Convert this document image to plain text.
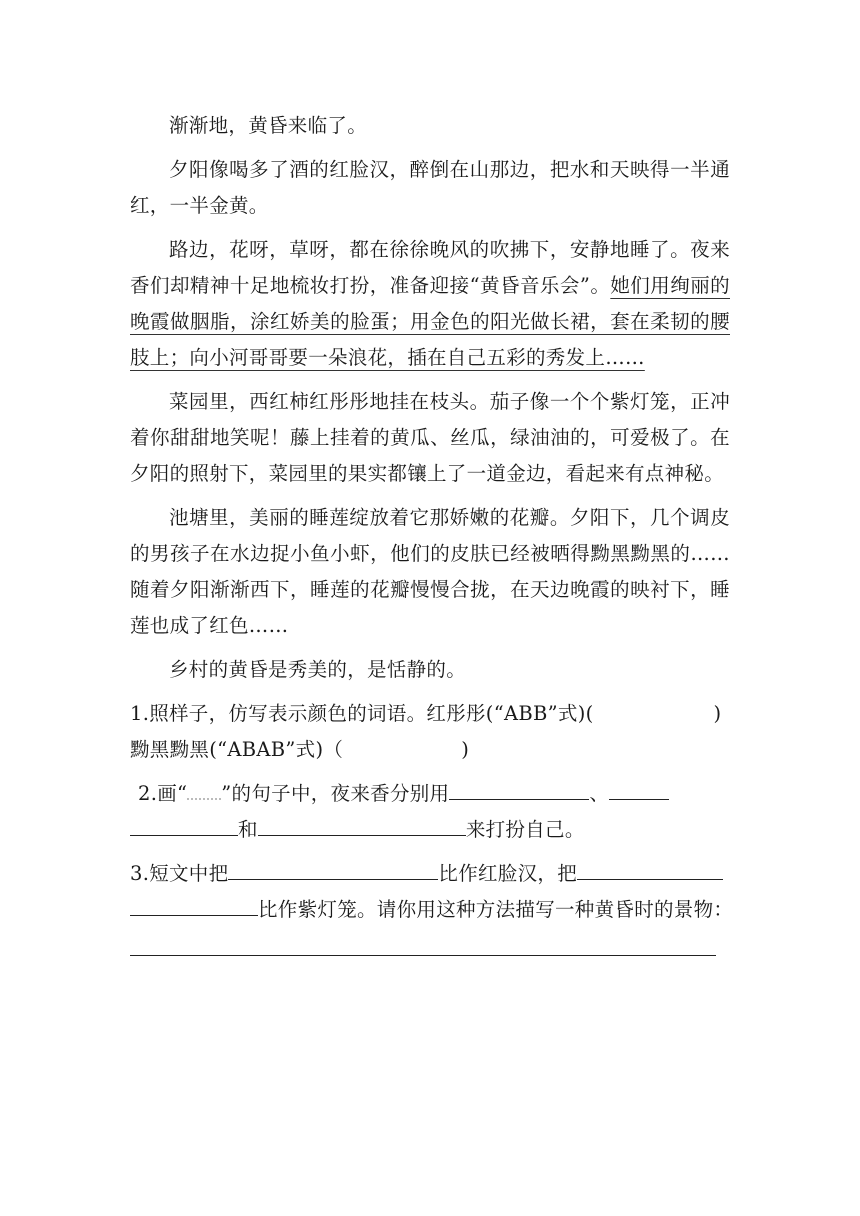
渐渐地，黄昏来临了。

夕阳像喝多了酒的红脸汉，醉倒在山那边，把水和天映得一半通红，一半金黄。

路边，花呀，草呀，都在徐徐晚风的吹拂下，安静地睡了。夜来香们却精神十足地梳妆打扮，准备迎接“黄昏音乐会”。她们用绚丽的晚霞做胭脂，涂红娇美的脸蛋；用金色的阳光做长裙，套在柔韧的腰肢上；向小河哥哥要一朵浪花，插在自己五彩的秀发上……

菜园里，西红柿红彤彤地挂在枝头。茄子像一个个紫灯笼，正冲着你甜甜地笑呢！藤上挂着的黄瓜、丝瓜，绿油油的，可爱极了。在夕阳的照射下，菜园里的果实都镶上了一道金边，看起来有点神秘。

池塘里，美丽的睡莲绽放着它那娇嫩的花瓣。夕阳下，几个调皮的男孩子在水边捉小鱼小虾，他们的皮肤已经被晒得黝黑黝黑的……随着夕阳渐渐西下，睡莲的花瓣慢慢合拢，在天边晚霞的映衬下，睡莲也成了红色……

乡村的黄昏是秀美的，是恬静的。

1.照样子，仿写表示颜色的词语。红彤彤(“ABB”式)(	)

黝黑黝黑(“ABAB”式)（	)

2.画“ ”的句子中，夜来香分别用	、

和	来打扮自己。

3.短文中把	比作红脸汉，把

比作紫灯笼。请你用这种方法描写一种黄昏时的景物：
